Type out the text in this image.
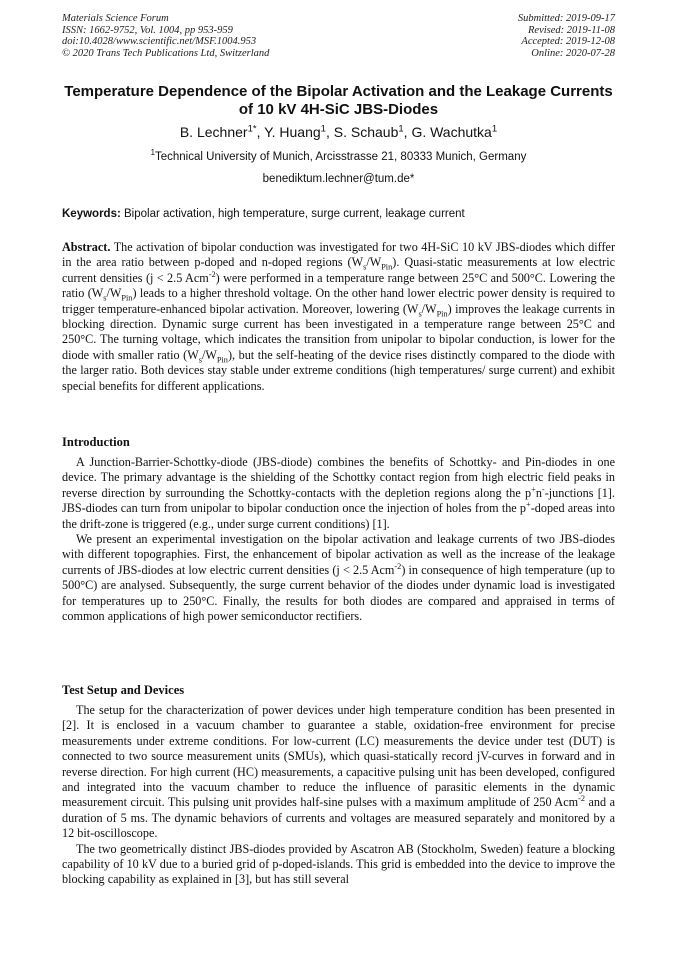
Materials Science Forum
ISSN: 1662-9752, Vol. 1004, pp 953-959
doi:10.4028/www.scientific.net/MSF.1004.953
© 2020 Trans Tech Publications Ltd, Switzerland
Submitted: 2019-09-17
Revised: 2019-11-08
Accepted: 2019-12-08
Online: 2020-07-28
Temperature Dependence of the Bipolar Activation and the Leakage Currents of 10 kV 4H-SiC JBS-Diodes
B. Lechner$^{1*}$, Y. Huang$^1$, S. Schaub$^1$, G. Wachutka$^1$
$^1$Technical University of Munich, Arcisstrasse 21, 80333 Munich, Germany
benediktum.lechner@tum.de*
Keywords: Bipolar activation, high temperature, surge current, leakage current
Abstract. The activation of bipolar conduction was investigated for two 4H-SiC 10 kV JBS-diodes which differ in the area ratio between p-doped and n-doped regions $(W_s/W_{Pin})$. Quasi-static measurements at low electric current densities (j < 2.5 Acm$^{-2}$) were performed in a temperature range between 25°C and 500°C. Lowering the ratio $(W_s/W_{Pin})$ leads to a higher threshold voltage. On the other hand lower electric power density is required to trigger temperature-enhanced bipolar activation. Moreover, lowering $(W_s/W_{Pin})$ improves the leakage currents in blocking direction. Dynamic surge current has been investigated in a temperature range between 25°C and 250°C. The turning voltage, which indicates the transition from unipolar to bipolar conduction, is lower for the diode with smaller ratio $(W_s/W_{Pin})$, but the self-heating of the device rises distinctly compared to the diode with the larger ratio. Both devices stay stable under extreme conditions (high temperatures/ surge current) and exhibit special benefits for different applications.
Introduction

A Junction-Barrier-Schottky-diode (JBS-diode) combines the benefits of Schottky- and Pin-diodes in one device. The primary advantage is the shielding of the Schottky contact region from high electric field peaks in reverse direction by surrounding the Schottky-contacts with the depletion regions along the p+n--junctions [1]. JBS-diodes can turn from unipolar to bipolar conduction once the injection of holes from the p+-doped areas into the drift-zone is triggered (e.g., under surge current conditions) [1].

We present an experimental investigation on the bipolar activation and leakage currents of two JBS-diodes with different topographies. First, the enhancement of bipolar activation as well as the increase of the leakage currents of JBS-diodes at low electric current densities (j < 2.5 Acm$^{-2}$) in consequence of high temperature (up to 500°C) are analysed. Subsequently, the surge current behavior of the diodes under dynamic load is investigated for temperatures up to 250°C. Finally, the results for both diodes are compared and appraised in terms of common applications of high power semiconductor rectifiers.

Test Setup and Devices

The setup for the characterization of power devices under high temperature condition has been presented in [2]. It is enclosed in a vacuum chamber to guarantee a stable, oxidation-free environment for precise measurements under extreme conditions. For low-current (LC) measurements the device under test (DUT) is connected to two source measurement units (SMUs), which quasi-statically record jV-curves in forward and in reverse direction. For high current (HC) measurements, a capacitive pulsing unit has been developed, configured and integrated into the vacuum chamber to reduce the influence of parasitic elements in the dynamic measurement circuit. This pulsing unit provides half-sine pulses with a maximum amplitude of 250 Acm$^{-2}$ and a duration of 5 ms. The dynamic behaviors of currents and voltages are measured separately and monitored by a 12 bit-oscilloscope.

The two geometrically distinct JBS-diodes provided by Ascatron AB (Stockholm, Sweden) feature a blocking capability of 10 kV due to a buried grid of p-doped-islands. This grid is embedded into the device to improve the blocking capability as explained in [3], but has still several
